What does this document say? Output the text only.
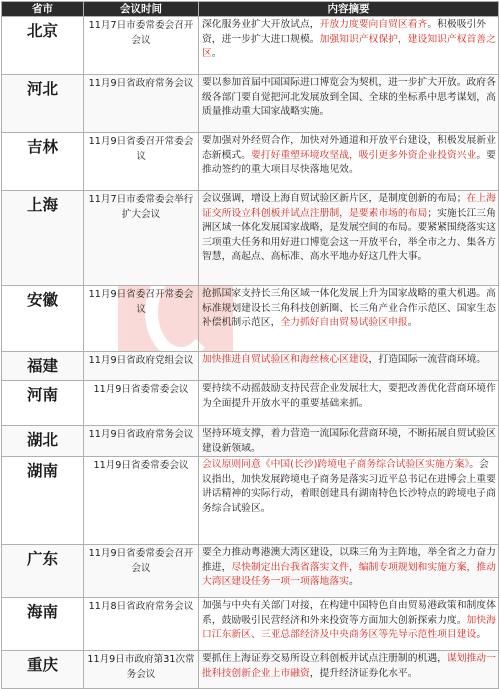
省市	会议时间	内容摘要
北京	11月7日市委常委会召开会议	深化服务业扩大开放试点，开放力度要向自贸区看齐。积极吸引外资，进一步扩大进口规模。加强知识产权保护，建设知识产权首善之区。
河北	11月9日省政府常务会议	要以参加首届中国国际进口博览会为契机，进一步扩大开放。政府各级各部门要自觉把河北发展放到全国、全球的坐标系中思考谋划，高质量推动重大国家战略实施。
吉林	11月9日省委召开常委会议	要加强对外经贸合作，加快对外通道和开放平台建设，积极发展新业态新模式。要打好重塑环境攻坚战，吸引更多外资企业投资兴业。要推动签约的重大项目尽快落地见效。
上海	11月7日市委常委会举行扩大会议	会议强调，增设上海自贸试验区新片区，是制度创新的布局；在上海证交所设立科创板并试点注册制，是要素市场的布局；实施长江三角洲区域一体化发展国家战略，是发展空间的布局。要紧紧围绕落实这三项重大任务和用好进口博览会这一开放平台，举全市之力、集各方智慧，高起点、高标准、高水平地办好这几件大事。
安徽	11月9日省委召开常委会议	抢抓国家支持长三角区域一体化发展上升为国家战略的重大机遇。高标准规划建设长三角科技创新圈、长三角产业合作示范区、国家生态补偿机制示范区，全力抓好自由贸易试验区申报。
福建	11月9日省政府党组会议	加快推进自贸试验区和海丝核心区建设，打造国际一流营商环境。
河南	11月9日省委常委会议	要持续不动摇鼓励支持民营企业发展壮大，要把改善优化营商环境作为全面提升开放水平的重要基础来抓。
湖北	11月9日省政府常务会议	坚持环境支撑，着力营造一流国际化营商环境，不断拓展自贸试验区建设新领域。
湖南	11月9日省委常委会议	会议原则同意《中国(长沙)跨境电子商务综合试验区实施方案》。会议指出，加快发展跨境电子商务是落实习近平总书记在进博会上重要讲话精神的实际行动，着眼创建具有湖南特色长沙特点的跨境电子商务综合试验区。
广东	11月9日省委常委会召开会议	要全力推动粤港澳大湾区建设，以珠三角为主阵地，举全省之力奋力推进，尽快制定出台我省落实文件，编制专项规划和实施方案，推动大湾区建设任务一项一项落地落实。
海南	11月8日省政府常务会议	加强与中央有关部门对接，在构建中国特色自由贸易港政策和制度体系，鼓励吸引民营经济和外来投资等方面加大创新探索力度。加快海口江东新区、三亚总部经济及中央商务区等先导示范性项目建设。
重庆	11月9日市政府第31次常务会议	要抓住上海证券交易所设立科创板并试点注册制的机遇，谋划推动一批科技创新企业上市融资，提升经济证券化水平。
